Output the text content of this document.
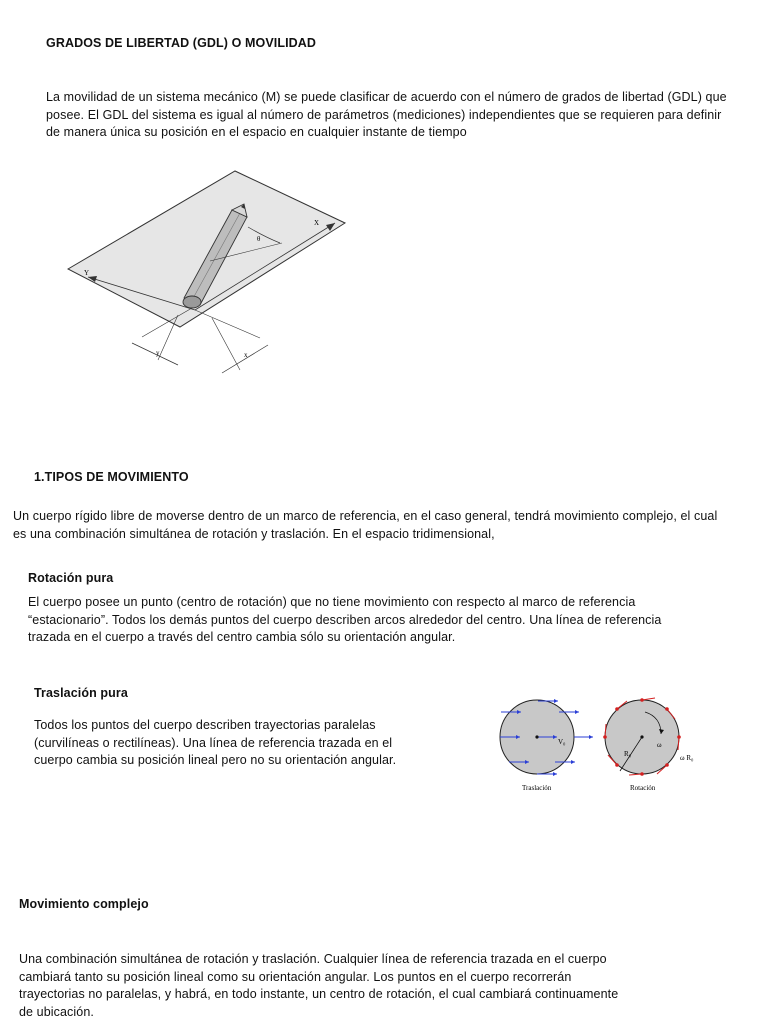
GRADOS DE LIBERTAD (GDL) O MOVILIDAD
La movilidad de un sistema mecánico (M) se puede clasificar de acuerdo con el número de grados de libertad (GDL) que posee. El GDL del sistema es igual al número de parámetros (mediciones) independientes que se requieren para definir de manera única su posición en el espacio en cualquier instante de tiempo
θ
X
Y
y	x
1.TIPOS DE MOVIMIENTO
Un cuerpo rígido libre de moverse dentro de un marco de referencia, en el caso general, tendrá movimiento complejo, el cual es una combinación simultánea de rotación y traslación. En el espacio tridimensional,
Rotación pura
El cuerpo posee un punto (centro de rotación) que no tiene movimiento con respecto al marco de referencia “estacionario”. Todos los demás puntos del cuerpo describen arcos alrededor del centro. Una línea de referencia trazada en el cuerpo a través del centro cambia sólo su orientación angular.
Traslación pura
Todos los puntos del cuerpo describen trayectorias paralelas (curvilíneas o rectilíneas). Una línea de referencia trazada en el cuerpo cambia su posición lineal pero no su orientación angular.
V₀
R₀
ω
ω R₀
Traslación	Rotación
Movimiento complejo
Una combinación simultánea de rotación y traslación. Cualquier línea de referencia trazada en el cuerpo cambiará tanto su posición lineal como su orientación angular. Los puntos en el cuerpo recorrerán trayectorias no paralelas, y habrá, en todo instante, un centro de rotación, el cual cambiará continuamente de ubicación.
